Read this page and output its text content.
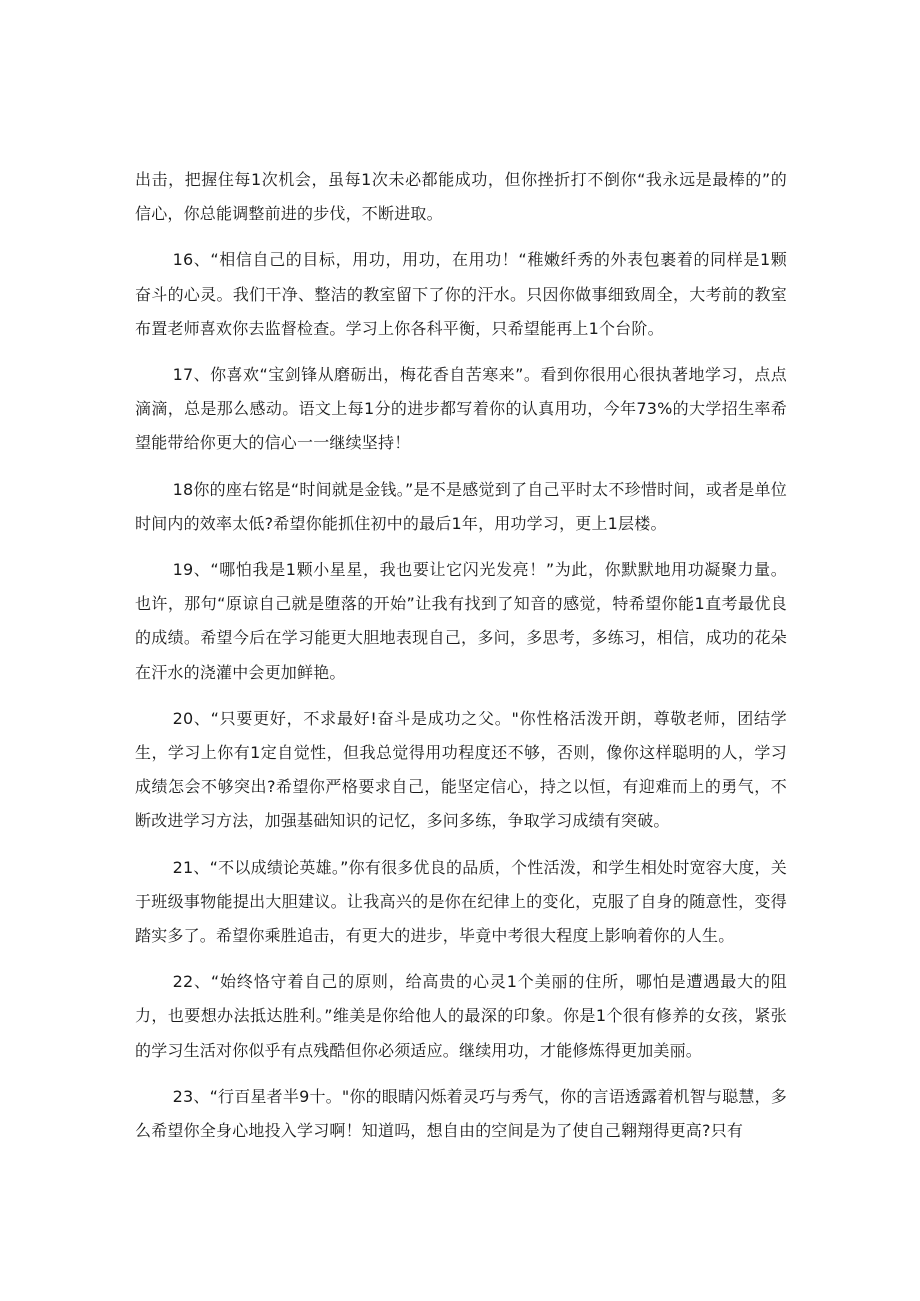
出击，把握住每1次机会，虽每1次未必都能成功，但你挫折打不倒你“我永远是最棒的”的信心，你总能调整前进的步伐，不断进取。

16、“相信自己的目标，用功，用功，在用功！“稚嫩纤秀的外表包裹着的同样是1颗奋斗的心灵。我们干净、整洁的教室留下了你的汗水。只因你做事细致周全，大考前的教室布置老师喜欢你去监督检查。学习上你各科平衡，只希望能再上1个台阶。

17、你喜欢“宝剑锋从磨砺出，梅花香自苦寒来”。看到你很用心很执著地学习，点点滴滴，总是那么感动。语文上每1分的进步都写着你的认真用功，今年73%的大学招生率希望能带给你更大的信心一一继续坚持！

18你的座右铭是“时间就是金钱。”是不是感觉到了自己平时太不珍惜时间，或者是单位时间内的效率太低?希望你能抓住初中的最后1年，用功学习，更上1层楼。

19、“哪怕我是1颗小星星，我也要让它闪光发亮！”为此，你默默地用功凝聚力量。也许，那句“原谅自己就是堕落的开始”让我有找到了知音的感觉，特希望你能1直考最优良的成绩。希望今后在学习能更大胆地表现自己，多问，多思考，多练习，相信，成功的花朵在汗水的浇灌中会更加鲜艳。

20、“只要更好，不求最好!奋斗是成功之父。"你性格活泼开朗，尊敬老师，团结学生，学习上你有1定自觉性，但我总觉得用功程度还不够，否则，像你这样聪明的人，学习成绩怎会不够突出?希望你严格要求自己，能坚定信心，持之以恒，有迎难而上的勇气，不断改进学习方法，加强基础知识的记忆，多问多练，争取学习成绩有突破。

21、“不以成绩论英雄。”你有很多优良的品质，个性活泼，和学生相处时宽容大度，关于班级事物能提出大胆建议。让我高兴的是你在纪律上的变化，克服了自身的随意性，变得踏实多了。希望你乘胜追击，有更大的进步，毕竟中考很大程度上影响着你的人生。

22、“始终恪守着自己的原则，给高贵的心灵1个美丽的住所，哪怕是遭遇最大的阻力，也要想办法抵达胜利。”维美是你给他人的最深的印象。你是1个很有修养的女孩，紧张的学习生活对你似乎有点残酷但你必须适应。继续用功，才能修炼得更加美丽。

23、“行百星者半9十。"你的眼睛闪烁着灵巧与秀气，你的言语透露着机智与聪慧，多么希望你全身心地投入学习啊！知道吗，想自由的空间是为了使自己翱翔得更高?只有
